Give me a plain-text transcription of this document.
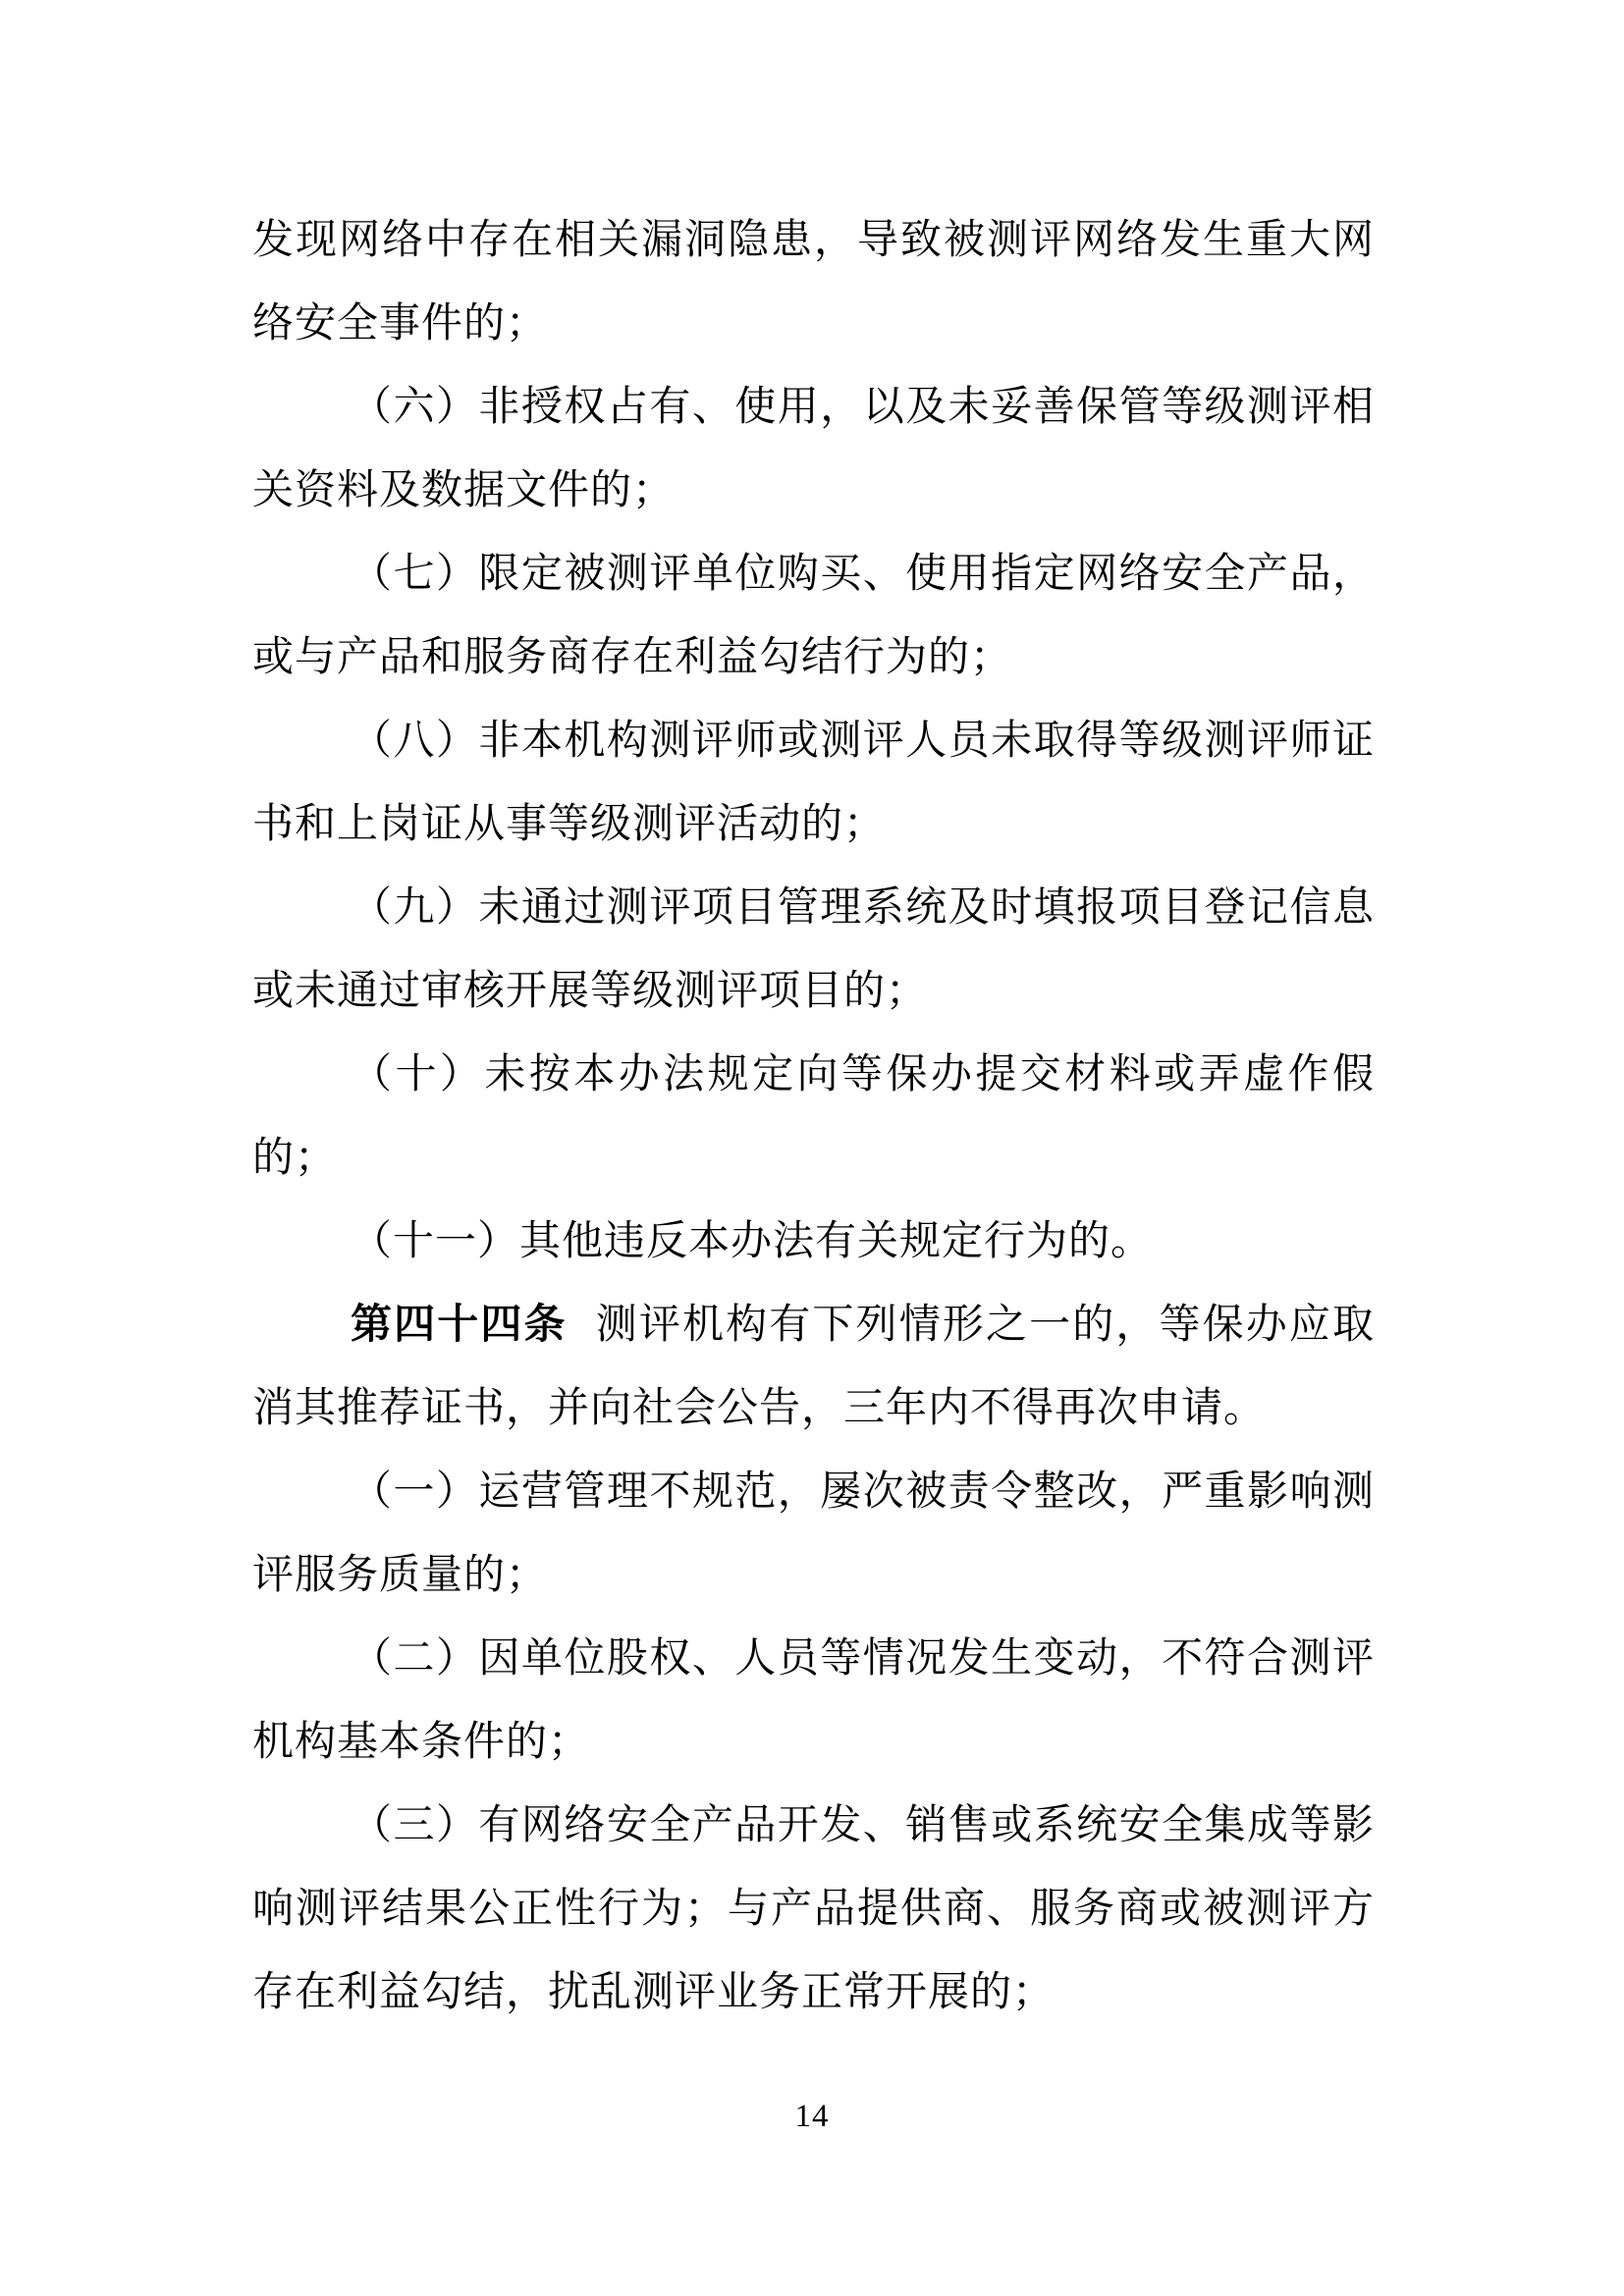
发现网络中存在相关漏洞隐患，导致被测评网络发生重大网
络安全事件的；
（六）非授权占有、使用，以及未妥善保管等级测评相
关资料及数据文件的；
（七）限定被测评单位购买、使用指定网络安全产品，
或与产品和服务商存在利益勾结行为的；
（八）非本机构测评师或测评人员未取得等级测评师证
书和上岗证从事等级测评活动的；
（九）未通过测评项目管理系统及时填报项目登记信息
或未通过审核开展等级测评项目的；
（十）未按本办法规定向等保办提交材料或弄虚作假
的；
（十一）其他违反本办法有关规定行为的。
第四十四条 测评机构有下列情形之一的，等保办应取
消其推荐证书，并向社会公告，三年内不得再次申请。
（一）运营管理不规范，屡次被责令整改，严重影响测
评服务质量的；
（二）因单位股权、人员等情况发生变动，不符合测评
机构基本条件的；
（三）有网络安全产品开发、销售或系统安全集成等影
响测评结果公正性行为；与产品提供商、服务商或被测评方
存在利益勾结，扰乱测评业务正常开展的；
14
